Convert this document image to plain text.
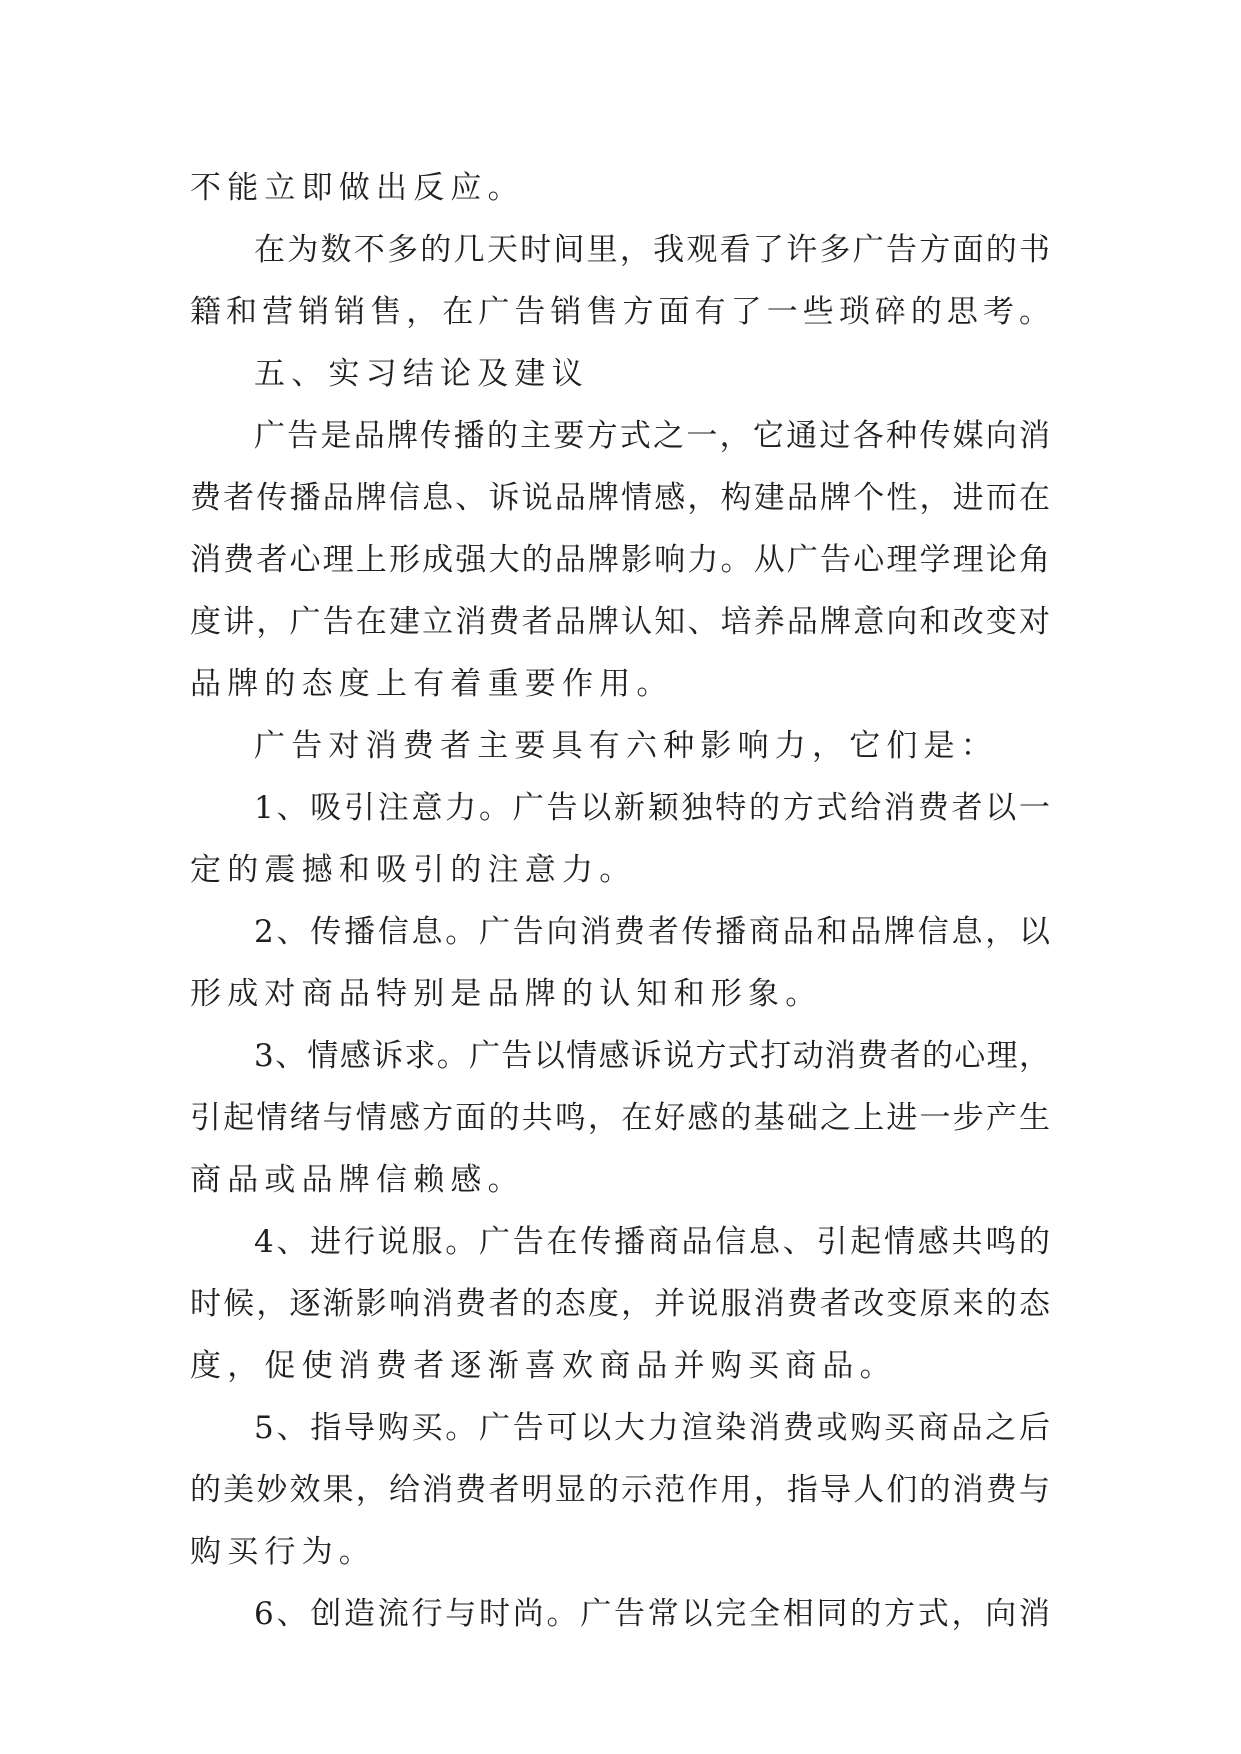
不能立即做出反应。
在为数不多的几天时间里，我观看了许多广告方面的书
籍和营销销售，在广告销售方面有了一些琐碎的思考。
五、实习结论及建议
广告是品牌传播的主要方式之一，它通过各种传媒向消
费者传播品牌信息、诉说品牌情感，构建品牌个性，进而在
消费者心理上形成强大的品牌影响力。从广告心理学理论角
度讲，广告在建立消费者品牌认知、培养品牌意向和改变对
品牌的态度上有着重要作用。
广告对消费者主要具有六种影响力，它们是：
1、吸引注意力。广告以新颖独特的方式给消费者以一
定的震撼和吸引的注意力。
2、传播信息。广告向消费者传播商品和品牌信息，以
形成对商品特别是品牌的认知和形象。
3、情感诉求。广告以情感诉说方式打动消费者的心理，
引起情绪与情感方面的共鸣，在好感的基础之上进一步产生
商品或品牌信赖感。
4、进行说服。广告在传播商品信息、引起情感共鸣的
时候，逐渐影响消费者的态度，并说服消费者改变原来的态
度，促使消费者逐渐喜欢商品并购买商品。
5、指导购买。广告可以大力渲染消费或购买商品之后
的美妙效果，给消费者明显的示范作用，指导人们的消费与
购买行为。
6、创造流行与时尚。广告常以完全相同的方式，向消
